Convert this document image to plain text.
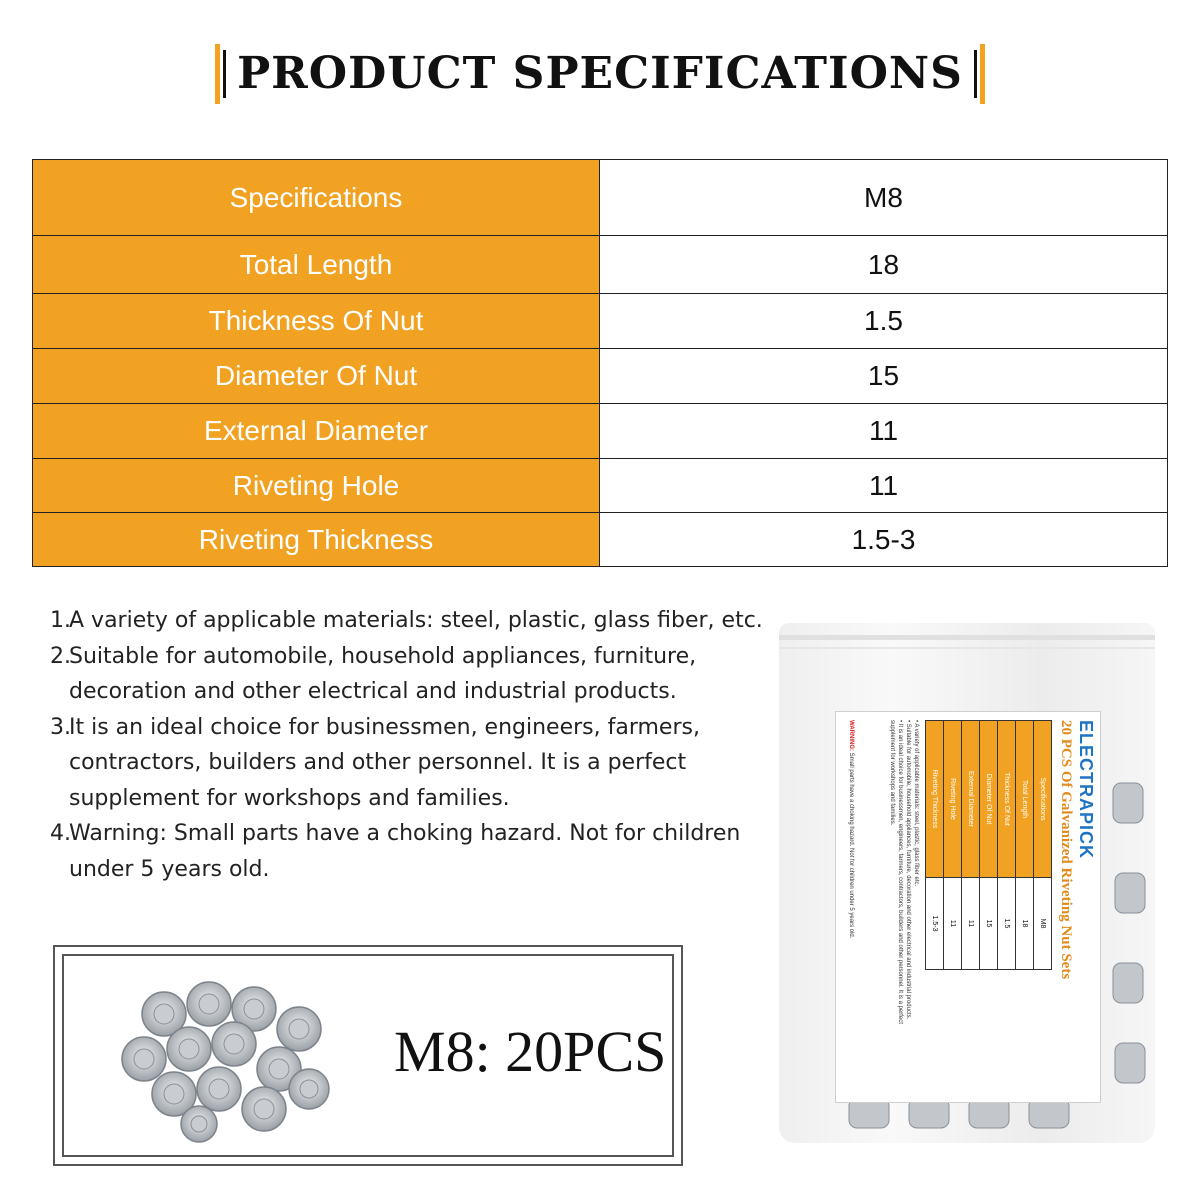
PRODUCT SPECIFICATIONS
Specifications	M8
Total Length	18
Thickness Of Nut	1.5
Diameter Of Nut	15
External Diameter	11
Riveting Hole	11
Riveting Thickness	1.5-3
1.
A variety of applicable materials: steel, plastic, glass fiber, etc.
2.
Suitable for automobile, household appliances, furniture, decoration and other electrical and industrial products.
3.
It is an ideal choice for businessmen, engineers, farmers, contractors, builders and other personnel. It is a perfect supplement for workshops and families.
4.
Warning: Small parts have a choking hazard. Not for children under 5 years old.
M8: 20PCS
ELECTRAPICK
20 PCS Of Galvanized Riveting Nut Sets
Specifications	M8
Total Length	18
Thickness Of Nut	1.5
Diameter Of Nut	15
External Diameter	11
Riveting Hole	11
Riveting Thickness	1.5-3
• A variety of applicable materials: steel, plastic, glass fiber etc.
• Suitable for automobile, household appliances, furniture, decoration and other electrical and industrial products.
• It is an ideal choice for businessmen, engineers, farmers, contractors, builders and other personnel. It is a perfect supplement for workshops and families.
WARNING: Small parts have a choking hazard. Not for children under 5 years old.
